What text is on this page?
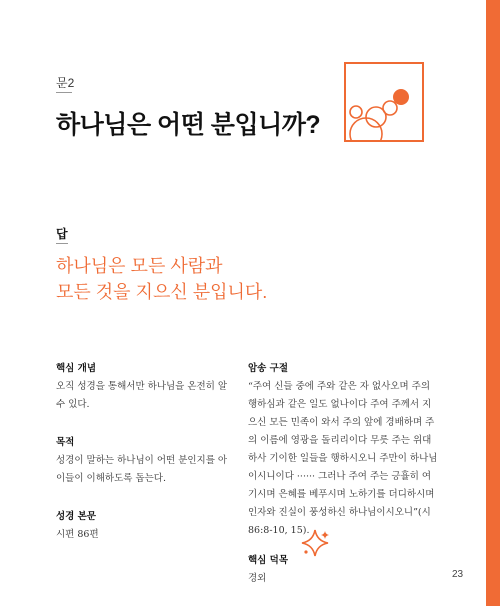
문2
하나님은 어떤 분입니까?
답
하나님은 모든 사람과
모든 것을 지으신 분입니다.

핵심 개념

오직 성경을 통해서만 하나님을 온전히 알 수 있다.

목적

성경이 말하는 하나님이 어떤 분인지를 아이들이 이해하도록 돕는다.

성경 본문

시편 86편

암송 구절

“주여 신들 중에 주와 같은 자 없사오며 주의 행하심과 같은 일도 없나이다 주여 주께서 지으신 모든 민족이 와서 주의 앞에 경배하며 주의 이름에 영광을 돌리리이다 무릇 주는 위대하사 기이한 일들을 행하시오니 주만이 하나님이시니이다 ······ 그러나 주여 주는 긍휼히 여기시며 은혜를 베푸시며 노하기를 더디하시며 인자와 진실이 풍성하신 하나님이시오니”(시 86:8-10, 15).

핵심 덕목

경외	23
